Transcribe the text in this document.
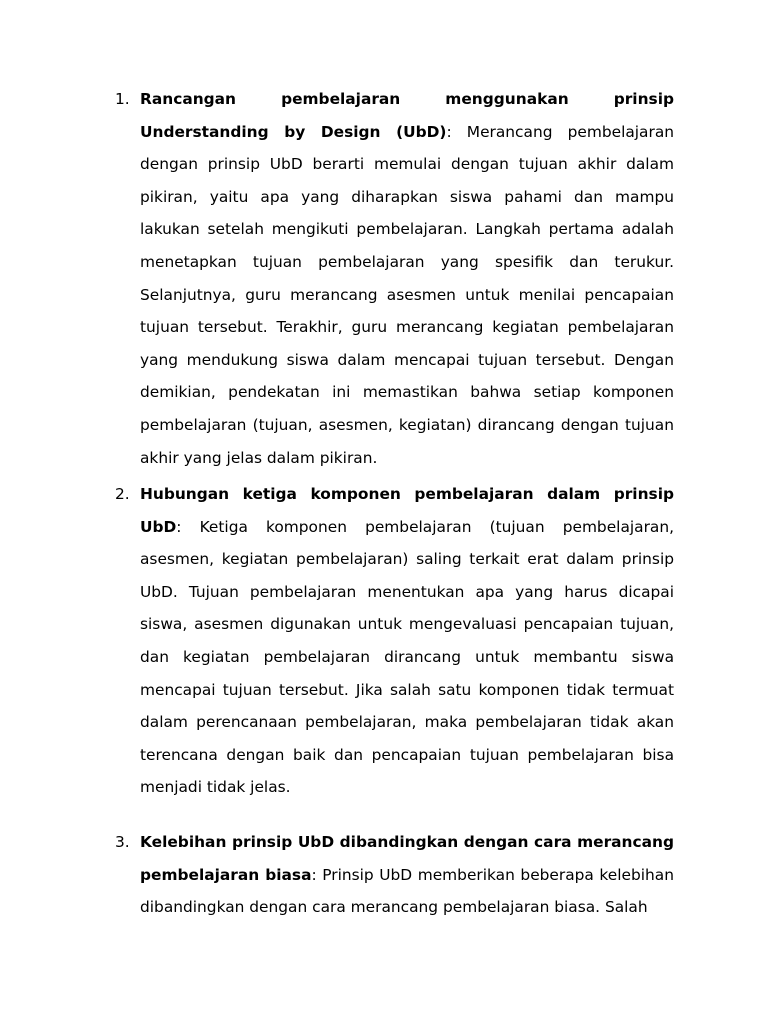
1. Rancangan pembelajaran menggunakan prinsip Understanding by Design (UbD): Merancang pembelajaran dengan prinsip UbD berarti memulai dengan tujuan akhir dalam pikiran, yaitu apa yang diharapkan siswa pahami dan mampu lakukan setelah mengikuti pembelajaran. Langkah pertama adalah menetapkan tujuan pembelajaran yang spesifik dan terukur. Selanjutnya, guru merancang asesmen untuk menilai pencapaian tujuan tersebut. Terakhir, guru merancang kegiatan pembelajaran yang mendukung siswa dalam mencapai tujuan tersebut. Dengan demikian, pendekatan ini memastikan bahwa setiap komponen pembelajaran (tujuan, asesmen, kegiatan) dirancang dengan tujuan akhir yang jelas dalam pikiran.
2. Hubungan ketiga komponen pembelajaran dalam prinsip UbD: Ketiga komponen pembelajaran (tujuan pembelajaran, asesmen, kegiatan pembelajaran) saling terkait erat dalam prinsip UbD. Tujuan pembelajaran menentukan apa yang harus dicapai siswa, asesmen digunakan untuk mengevaluasi pencapaian tujuan, dan kegiatan pembelajaran dirancang untuk membantu siswa mencapai tujuan tersebut. Jika salah satu komponen tidak termuat dalam perencanaan pembelajaran, maka pembelajaran tidak akan terencana dengan baik dan pencapaian tujuan pembelajaran bisa menjadi tidak jelas.
3. Kelebihan prinsip UbD dibandingkan dengan cara merancang pembelajaran biasa: Prinsip UbD memberikan beberapa kelebihan dibandingkan dengan cara merancang pembelajaran biasa. Salah
